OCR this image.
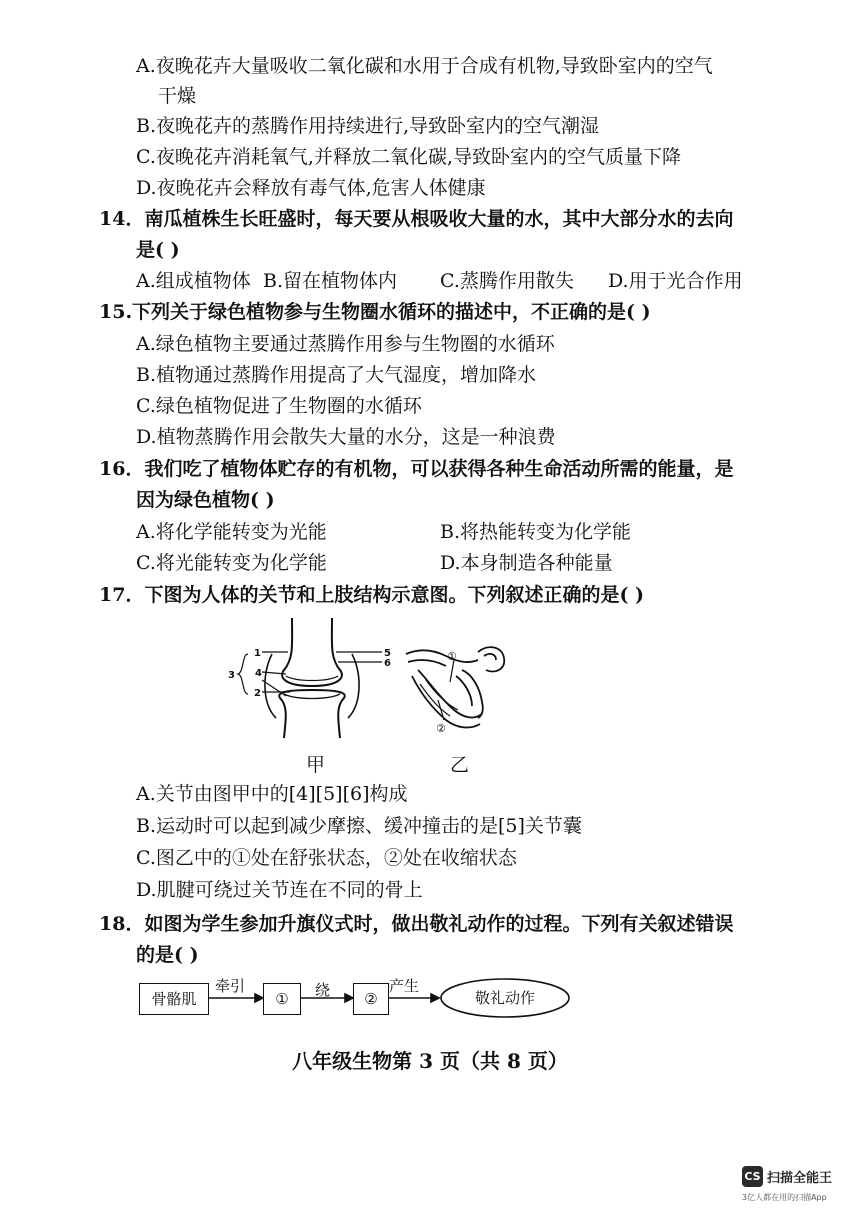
A.夜晚花卉大量吸收二氧化碳和水用于合成有机物,导致卧室内的空气
干燥
B.夜晚花卉的蒸腾作用持续进行,导致卧室内的空气潮湿
C.夜晚花卉消耗氧气,并释放二氧化碳,导致卧室内的空气质量下降
D.夜晚花卉会释放有毒气体,危害人体健康
14．南瓜植株生长旺盛时，每天要从根吸收大量的水，其中大部分水的去向
是( )
A.组成植物体 B.留在植物体内 C.蒸腾作用散失 D.用于光合作用
15.下列关于绿色植物参与生物圈水循环的描述中，不正确的是( )
A.绿色植物主要通过蒸腾作用参与生物圈的水循环
B.植物通过蒸腾作用提高了大气湿度，增加降水
C.绿色植物促进了生物圈的水循环
D.植物蒸腾作用会散失大量的水分，这是一种浪费
16．我们吃了植物体贮存的有机物，可以获得各种生命活动所需的能量，是
因为绿色植物( )
A.将化学能转变为光能	B.将热能转变为化学能
C.将光能转变为化学能	D.本身制造各种能量
17．下图为人体的关节和上肢结构示意图。下列叙述正确的是( )
1
2
3 4
5
6
①
②
甲	乙
A.关节由图甲中的[4][5][6]构成
B.运动时可以起到减少摩擦、缓冲撞击的是[5]关节囊
C.图乙中的①处在舒张状态，②处在收缩状态
D.肌腱可绕过关节连在不同的骨上
18．如图为学生参加升旗仪式时，做出敬礼动作的过程。下列有关叙述错误
的是( )
骨骼肌
牵引
①	绕	②
产生
敬礼动作
八年级生物第 3 页（共 8 页）
CS 扫描全能王
3亿人都在用的扫描App
